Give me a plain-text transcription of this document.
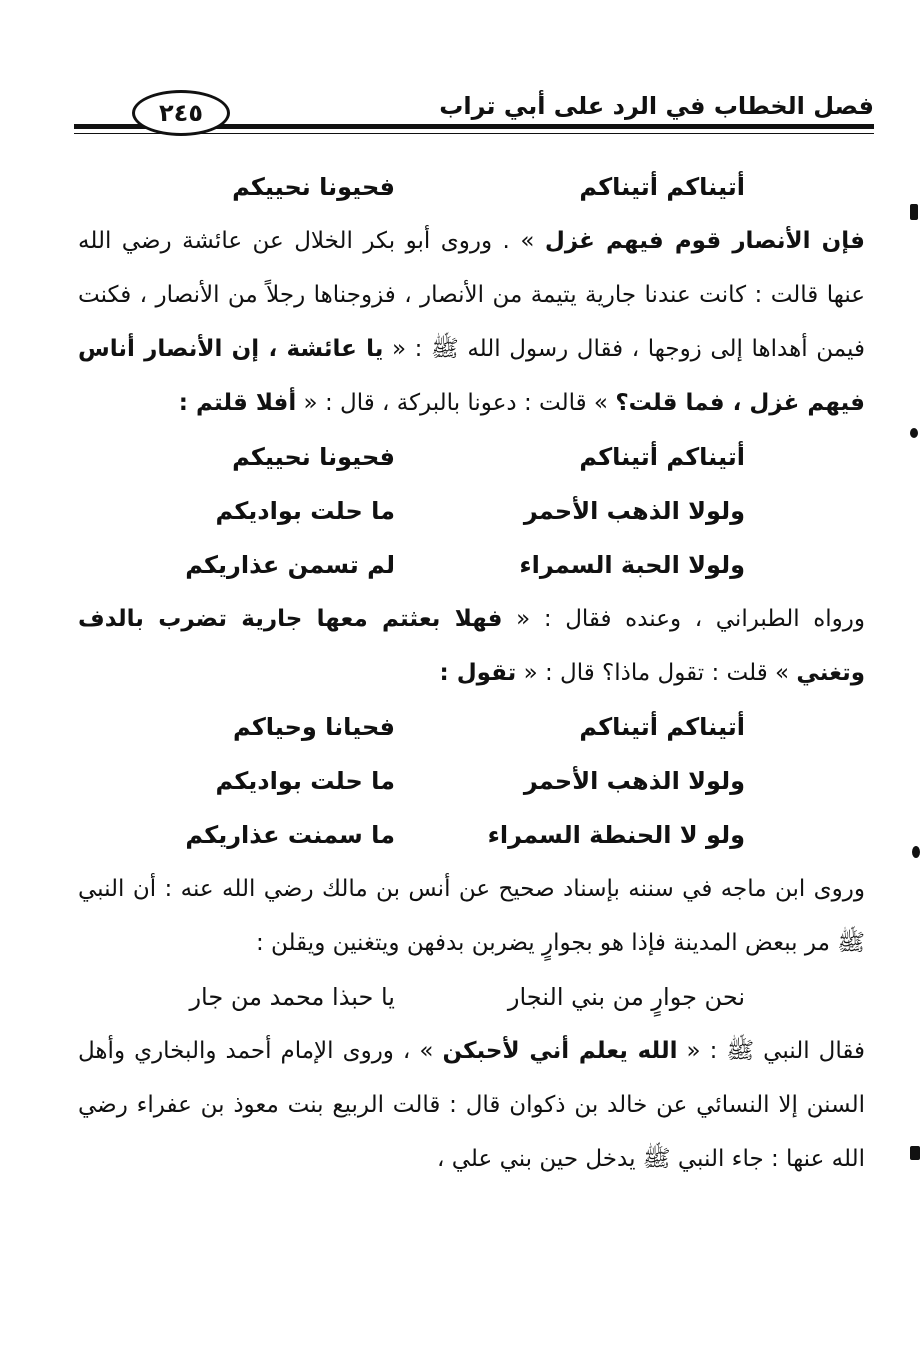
فصل الخطاب في الرد على أبي تراب
٢٤٥
أتيناكم أتيناكم
فحيونا نحييكم

فإن الأنصار قوم فيهم غزل » . وروى أبو بكر الخلال عن عائشة رضي الله عنها قالت : كانت عندنا جارية يتيمة من الأنصار ، فزوجناها رجلاً من الأنصار ، فكنت فيمن أهداها إلى زوجها ، فقال رسول الله ﷺ : « يا عائشة ، إن الأنصار أناس فيهم غزل ، فما قلت؟ » قالت : دعونا بالبركة ، قال : « أفلا قلتم :

أتيناكم أتيناكم
فحيونا نحييكم
ولولا الذهب الأحمر
ما حلت بواديكم
ولولا الحبة السمراء
لم تسمن عذاريكم

ورواه الطبراني ، وعنده فقال : « فهلا بعثتم معها جارية تضرب بالدف وتغني » قلت : تقول ماذا؟ قال : « تقول :

أتيناكم أتيناكم
فحيانا وحياكم
ولولا الذهب الأحمر
ما حلت بواديكم
ولو لا الحنطة السمراء
ما سمنت عذاريكم

وروى ابن ماجه في سننه بإسناد صحيح عن أنس بن مالك رضي الله عنه : أن النبي ﷺ مر ببعض المدينة فإذا هو بجوارٍ يضربن بدفهن ويتغنين ويقلن :

نحن جوارٍ من بني النجار
يا حبذا محمد من جار

فقال النبي ﷺ : « الله يعلم أني لأحبكن » ، وروى الإمام أحمد والبخاري وأهل السنن إلا النسائي عن خالد بن ذكوان قال : قالت الربيع بنت معوذ بن عفراء رضي الله عنها : جاء النبي ﷺ يدخل حين بني علي ،
